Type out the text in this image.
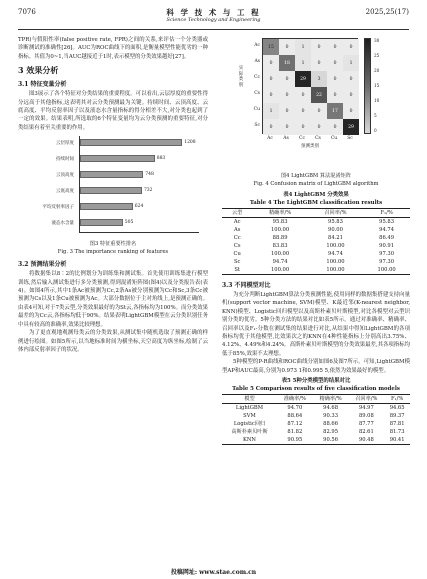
7076	科 学 技 术 与 工 程
Science Technology and Engineering
2025,25(17)

TPR)与假阳性率(false positive rate, FPR)之间的关系,来评估一个分类器或诊断测试的准确性[26]。AUC为ROC曲线下的面积,是衡量模型性能优劣的一种指标。其值为0~1,当AUC越接近于1时,表示模型的分类效果越好[27]。

3 效果分析
3.1 特征变量分析

图3展示了各个特征对分类结果的重要程度。可以看出,云层厚度的重要性得分远高于其他指标,这表明其对云分类预测最为关键。持续时间、云顶高度、云底高度、平均反射率因子以及液态水含量指标的得分相差不大,对分类也起到了一定的效果。结果表明,所选取的6个特征变量均为云分类预测的重要特征,对分类结果有着至关重要的作用。

云层厚度	1208
持续时间	883
云顶高度	748
云底高度	732
平均反射率因子	624
液态水含量	505
图3 特征重要性排名
Fig. 3 The importance ranking of features
3.2 预测结果分析

将数据集以8∶2的比例划分为训练集和测试集。首先使用训练集进行模型训练,然后输入测试集进行多分类预测,得到混淆矩阵图(图4)以及分类报告表(表4)。如图4所示,其中1条Ac被预测为Cc,2条As被分别预测为Cc和Sc,3条Cc被预测为Cs以及1条Cu被预测为Ac。大部分数据位于主对角线上,是预测正确的。由表4可知,对于7类云型,分类效果最好的为St云,各指标均为100%。而分类效果最差的为Cc云,各指标均低于90%。结果表明LightGBM模型在云分类识别任务中具有较高的准确率,效果比较理想。

为了更直观地观测每类云的分类效果,从测试集中随机选取了预测正确的样例进行绘图。如图5所示,以当地标准时间为横坐标,天空高度为纵坐标,绘制了云体内部反射率因子的状况。

实际类别
15	0	1	0	0	0
0	18	1	0	0	1
0	0	29	3	0	0
0	0	0	22	0	0
1	0	0	0	17	0
0	0	0	0	0	29
预测类别
Ac
Ac
As
As
Cc
Cc
Cs
Cs
Cu
Cu
Sc
Sc
30
25
20
15
10
5
0
图4 LightGBM 算法混淆矩阵
Fig. 4 Confusion matrix of LightGBM algorithm
表4 LightGBM 分类效果
Table 4 The LightGBM classification results
云型	精确率/%	召回率/%	F₁/%
Ac	95.83	95.83	95.83
As	100.00	90.00	94.74
Cc	88.89	84.21	86.49
Cs	83.83	100.00	90.91
Cu	100.00	94.74	97.30
Sc	94.74	100.00	97.30
St	100.00	100.00	100.00
3.3 不同模型对比

为充分判断LightGBM算法分类预测性能,使用同样的数据集搭建支持向量机(support vector machine, SVM)模型、K最近邻(K-nearest neighbor, KNN)模型、Logistic回归模型以及高斯朴素贝叶斯模型,对比各模型对云型识别分类的优劣。5种分类方法的结果对比如表5所示。通过对准确率、精确率、召回率以及F₁-分数在测试集的结果进行对比,从结果中得知LightGBM的各项指标均优于其他模型,比效果次之的KNN在4种性能指标上分别高出3.75%、4.12%、4.49%和4.24%。高斯朴素贝叶斯模型的分类效果最差,其各项指标均低于85%,效果不太理想。

5种模型的P-R曲线和ROC曲线分别如图6及图7所示。可知,LightGBM模型AP和AUC最高,分别为0.973 1和0.995 5,依然为效果最好的模型。

表5 5种分类模型的结果对比
Table 5 Comparison results of five classification models
模型	准确率/%	精确率/%	召回率/%	F₁/%
LightGBM	94.70	94.68	94.97	94.65
SVM	88.64	90.33	89.08	89.37
Logistic回归	87.12	88.66	87.77	87.81
高斯朴素贝叶斯	81.82	82.95	82.61	81.73
KNN	90.95	90.56	90.48	90.41
投稿网址: www.stae.com.cn
